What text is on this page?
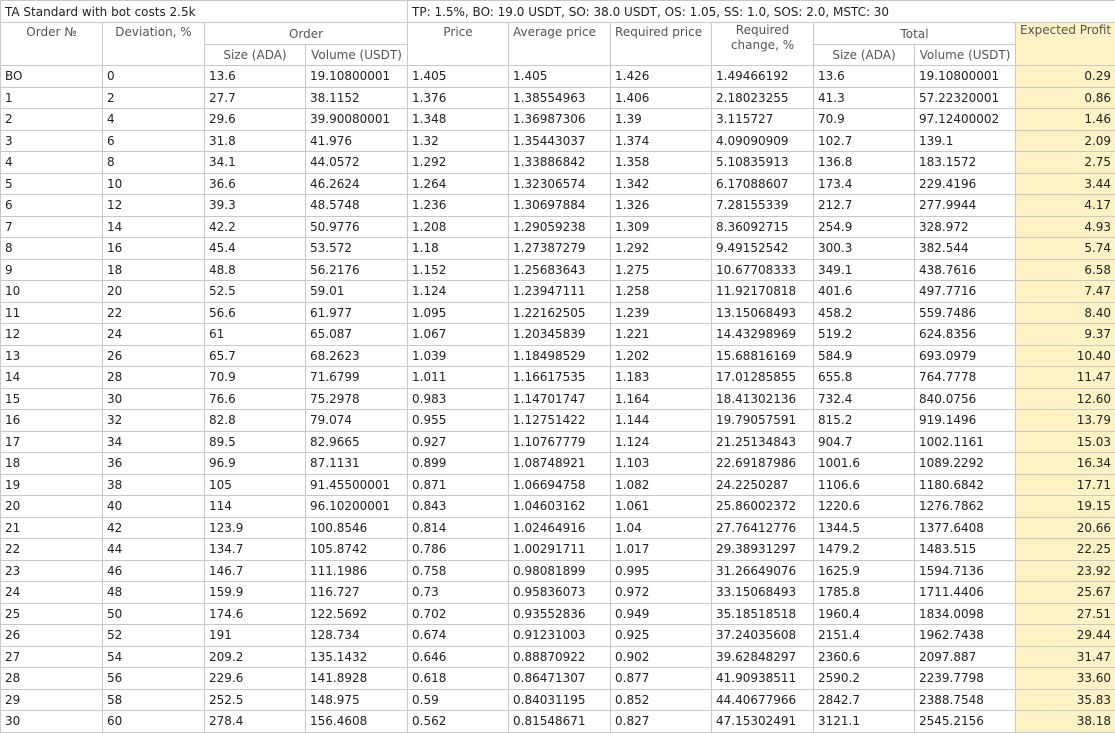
TA Standard with bot costs 2.5k				TP: 1.5%, BO: 19.0 USDT, SO: 38.0 USDT, OS: 1.05, SS: 1.0, SOS: 2.0, MSTC: 30						
Order №	Deviation, %	Order		Price	Average price	Required price	Required change, %	Total		Expected Profit
		Size (ADA)	Volume (USDT)					Size (ADA)	Volume (USDT)	
BO	0	13.6	19.10800001	1.405	1.405	1.426	1.49466192	13.6	19.10800001	0.29
1	2	27.7	38.1152	1.376	1.38554963	1.406	2.18023255	41.3	57.22320001	0.86
2	4	29.6	39.90080001	1.348	1.36987306	1.39	3.115727	70.9	97.12400002	1.46
3	6	31.8	41.976	1.32	1.35443037	1.374	4.09090909	102.7	139.1	2.09
4	8	34.1	44.0572	1.292	1.33886842	1.358	5.10835913	136.8	183.1572	2.75
5	10	36.6	46.2624	1.264	1.32306574	1.342	6.17088607	173.4	229.4196	3.44
6	12	39.3	48.5748	1.236	1.30697884	1.326	7.28155339	212.7	277.9944	4.17
7	14	42.2	50.9776	1.208	1.29059238	1.309	8.36092715	254.9	328.972	4.93
8	16	45.4	53.572	1.18	1.27387279	1.292	9.49152542	300.3	382.544	5.74
9	18	48.8	56.2176	1.152	1.25683643	1.275	10.67708333	349.1	438.7616	6.58
10	20	52.5	59.01	1.124	1.23947111	1.258	11.92170818	401.6	497.7716	7.47
11	22	56.6	61.977	1.095	1.22162505	1.239	13.15068493	458.2	559.7486	8.40
12	24	61	65.087	1.067	1.20345839	1.221	14.43298969	519.2	624.8356	9.37
13	26	65.7	68.2623	1.039	1.18498529	1.202	15.68816169	584.9	693.0979	10.40
14	28	70.9	71.6799	1.011	1.16617535	1.183	17.01285855	655.8	764.7778	11.47
15	30	76.6	75.2978	0.983	1.14701747	1.164	18.41302136	732.4	840.0756	12.60
16	32	82.8	79.074	0.955	1.12751422	1.144	19.79057591	815.2	919.1496	13.79
17	34	89.5	82.9665	0.927	1.10767779	1.124	21.25134843	904.7	1002.1161	15.03
18	36	96.9	87.1131	0.899	1.08748921	1.103	22.69187986	1001.6	1089.2292	16.34
19	38	105	91.45500001	0.871	1.06694758	1.082	24.2250287	1106.6	1180.6842	17.71
20	40	114	96.10200001	0.843	1.04603162	1.061	25.86002372	1220.6	1276.7862	19.15
21	42	123.9	100.8546	0.814	1.02464916	1.04	27.76412776	1344.5	1377.6408	20.66
22	44	134.7	105.8742	0.786	1.00291711	1.017	29.38931297	1479.2	1483.515	22.25
23	46	146.7	111.1986	0.758	0.98081899	0.995	31.26649076	1625.9	1594.7136	23.92
24	48	159.9	116.727	0.73	0.95836073	0.972	33.15068493	1785.8	1711.4406	25.67
25	50	174.6	122.5692	0.702	0.93552836	0.949	35.18518518	1960.4	1834.0098	27.51
26	52	191	128.734	0.674	0.91231003	0.925	37.24035608	2151.4	1962.7438	29.44
27	54	209.2	135.1432	0.646	0.88870922	0.902	39.62848297	2360.6	2097.887	31.47
28	56	229.6	141.8928	0.618	0.86471307	0.877	41.90938511	2590.2	2239.7798	33.60
29	58	252.5	148.975	0.59	0.84031195	0.852	44.40677966	2842.7	2388.7548	35.83
30	60	278.4	156.4608	0.562	0.81548671	0.827	47.15302491	3121.1	2545.2156	38.18
